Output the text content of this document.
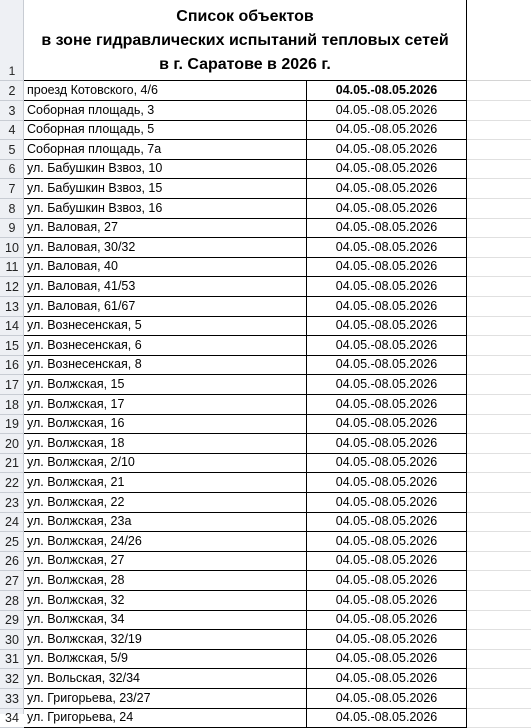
1
Список объектов
в зоне гидравлических испытаний тепловых сетей
в г. Саратове в 2026 г.
2 проезд Котовского, 4/6	04.05.-08.05.2026
3 Соборная площадь, 3	04.05.-08.05.2026
4 Соборная площадь, 5	04.05.-08.05.2026
5 Соборная площадь, 7а	04.05.-08.05.2026
6 ул. Бабушкин Взвоз, 10	04.05.-08.05.2026
7 ул. Бабушкин Взвоз, 15	04.05.-08.05.2026
8 ул. Бабушкин Взвоз, 16	04.05.-08.05.2026
9 ул. Валовая, 27	04.05.-08.05.2026
10 ул. Валовая, 30/32	04.05.-08.05.2026
11 ул. Валовая, 40	04.05.-08.05.2026
12 ул. Валовая, 41/53	04.05.-08.05.2026
13 ул. Валовая, 61/67	04.05.-08.05.2026
14 ул. Вознесенская, 5	04.05.-08.05.2026
15 ул. Вознесенская, 6	04.05.-08.05.2026
16 ул. Вознесенская, 8	04.05.-08.05.2026
17 ул. Волжская, 15	04.05.-08.05.2026
18 ул. Волжская, 17	04.05.-08.05.2026
19 ул. Волжская, 16	04.05.-08.05.2026
20 ул. Волжская, 18	04.05.-08.05.2026
21 ул. Волжская, 2/10	04.05.-08.05.2026
22 ул. Волжская, 21	04.05.-08.05.2026
23 ул. Волжская, 22	04.05.-08.05.2026
24 ул. Волжская, 23а	04.05.-08.05.2026
25 ул. Волжская, 24/26	04.05.-08.05.2026
26 ул. Волжская, 27	04.05.-08.05.2026
27 ул. Волжская, 28	04.05.-08.05.2026
28 ул. Волжская, 32	04.05.-08.05.2026
29 ул. Волжская, 34	04.05.-08.05.2026
30 ул. Волжская, 32/19	04.05.-08.05.2026
31 ул. Волжская, 5/9	04.05.-08.05.2026
32 ул. Вольская, 32/34	04.05.-08.05.2026
33 ул. Григорьева, 23/27	04.05.-08.05.2026
34 ул. Григорьева, 24	04.05.-08.05.2026
